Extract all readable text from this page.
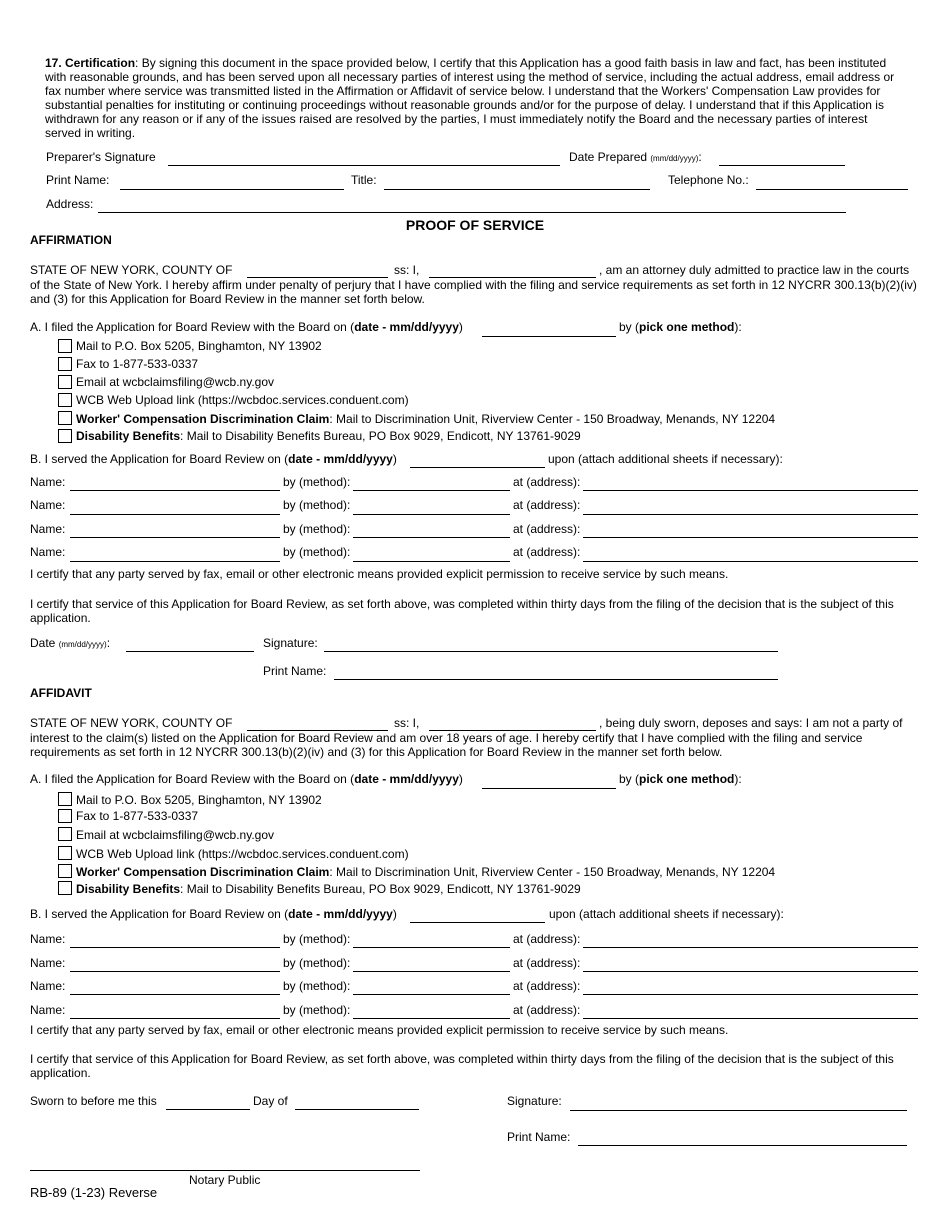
17. Certification: By signing this document in the space provided below, I certify that this Application has a good faith basis in law and fact, has been instituted with reasonable grounds, and has been served upon all necessary parties of interest using the method of service, including the actual address, email address or fax number where service was transmitted listed in the Affirmation or Affidavit of service below. I understand that the Workers' Compensation Law provides for substantial penalties for instituting or continuing proceedings without reasonable grounds and/or for the purpose of delay. I understand that if this Application is withdrawn for any reason or if any of the issues raised are resolved by the parties, I must immediately notify the Board and the necessary parties of interest served in writing.
Preparer's Signature	Date Prepared (mm/dd/yyyy):
Print Name:	Title:	Telephone No.:
Address:
PROOF OF SERVICE
AFFIRMATION
STATE OF NEW YORK, COUNTY OF	ss: I,	, am an attorney duly admitted to practice law in the courts
of the State of New York. I hereby affirm under penalty of perjury that I have complied with the filing and service requirements as set forth in 12 NYCRR 300.13(b)(2)(iv) and (3) for this Application for Board Review in the manner set forth below.
A. I filed the Application for Board Review with the Board on (date - mm/dd/yyyy)	by (pick one method):
Mail to P.O. Box 5205, Binghamton, NY 13902
Fax to 1-877-533-0337
Email at wcbclaimsfiling@wcb.ny.gov
WCB Web Upload link (https://wcbdoc.services.conduent.com)
Worker' Compensation Discrimination Claim: Mail to Discrimination Unit, Riverview Center - 150 Broadway, Menands, NY 12204
Disability Benefits: Mail to Disability Benefits Bureau, PO Box 9029, Endicott, NY 13761-9029
B. I served the Application for Board Review on (date - mm/dd/yyyy)	upon (attach additional sheets if necessary):
Name:	by (method):	at (address):
Name:	by (method):	at (address):
Name:	by (method):	at (address):
Name:	by (method):	at (address):
I certify that any party served by fax, email or other electronic means provided explicit permission to receive service by such means.
I certify that service of this Application for Board Review, as set forth above, was completed within thirty days from the filing of the decision that is the subject of this application.
Date (mm/dd/yyyy):	Signature:
Print Name:
AFFIDAVIT
STATE OF NEW YORK, COUNTY OF	ss: I,	, being duly sworn, deposes and says: I am not a party of
interest to the claim(s) listed on the Application for Board Review and am over 18 years of age. I hereby certify that I have complied with the filing and service requirements as set forth in 12 NYCRR 300.13(b)(2)(iv) and (3) for this Application for Board Review in the manner set forth below.
A. I filed the Application for Board Review with the Board on (date - mm/dd/yyyy)	by (pick one method):
Mail to P.O. Box 5205, Binghamton, NY 13902
Fax to 1-877-533-0337
Email at wcbclaimsfiling@wcb.ny.gov
WCB Web Upload link (https://wcbdoc.services.conduent.com)
Worker' Compensation Discrimination Claim: Mail to Discrimination Unit, Riverview Center - 150 Broadway, Menands, NY 12204
Disability Benefits: Mail to Disability Benefits Bureau, PO Box 9029, Endicott, NY 13761-9029
B. I served the Application for Board Review on (date - mm/dd/yyyy)	upon (attach additional sheets if necessary):
Name:	by (method):	at (address):
Name:	by (method):	at (address):
Name:	by (method):	at (address):
Name:	by (method):	at (address):
I certify that any party served by fax, email or other electronic means provided explicit permission to receive service by such means.
I certify that service of this Application for Board Review, as set forth above, was completed within thirty days from the filing of the decision that is the subject of this application.
Sworn to before me this	Day of	Signature:
Print Name:
Notary Public
RB-89 (1-23) Reverse
